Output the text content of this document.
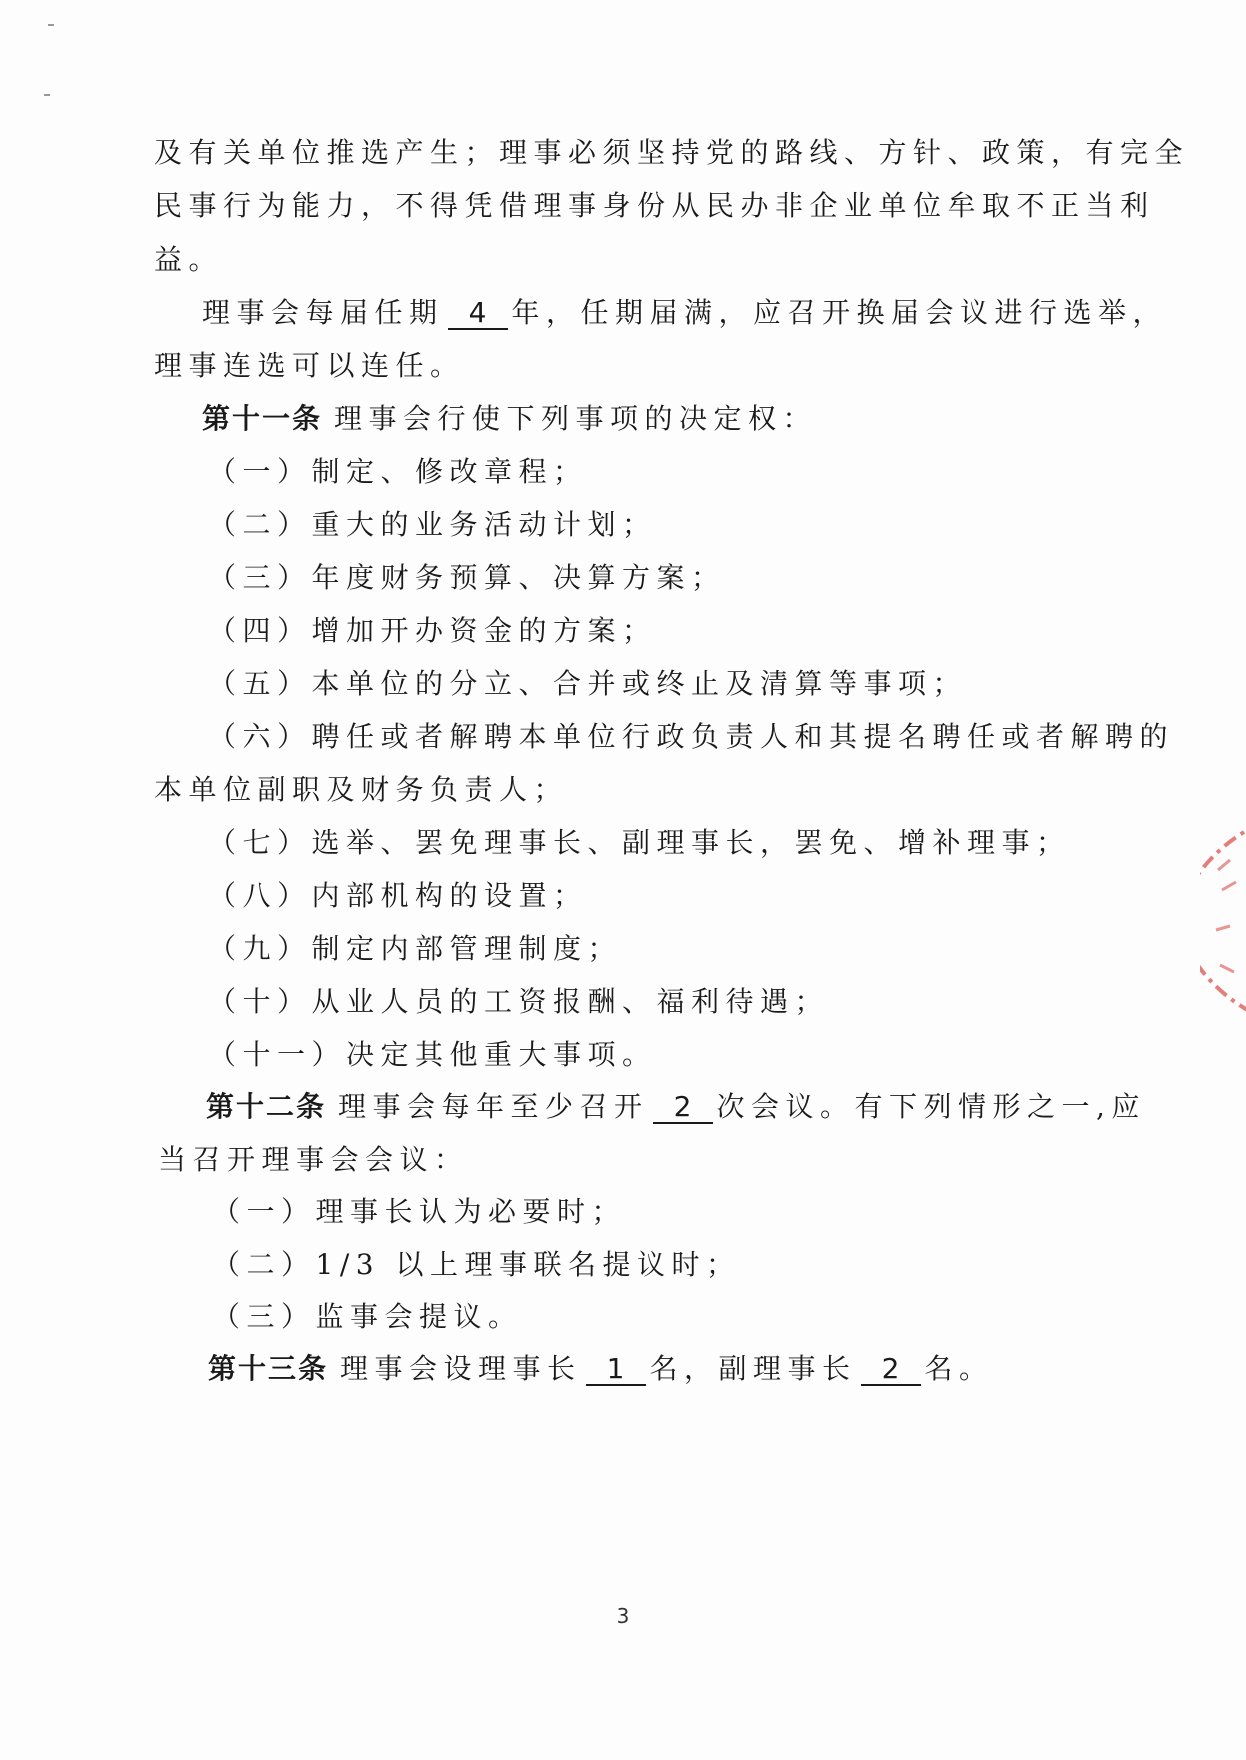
及有关单位推选产生；理事必须坚持党的路线、方针、政策，有完全
民事行为能力，不得凭借理事身份从民办非企业单位牟取不正当利
益。
理事会每届任期 4 年，任期届满，应召开换届会议进行选举，
理事连选可以连任。
第十一条 理事会行使下列事项的决定权：
（一）制定、修改章程；
（二）重大的业务活动计划；
（三）年度财务预算、决算方案；
（四）增加开办资金的方案；
（五）本单位的分立、合并或终止及清算等事项；
（六）聘任或者解聘本单位行政负责人和其提名聘任或者解聘的
本单位副职及财务负责人；
（七）选举、罢免理事长、副理事长，罢免、增补理事；
（八）内部机构的设置；
（九）制定内部管理制度；
（十）从业人员的工资报酬、福利待遇；
（十一）决定其他重大事项。
第十二条 理事会每年至少召开 2 次会议。有下列情形之一,应
当召开理事会会议：
（一）理事长认为必要时；
（二）1/3 以上理事联名提议时；
（三）监事会提议。
第十三条 理事会设理事长 1 名，副理事长 2 名。
3
